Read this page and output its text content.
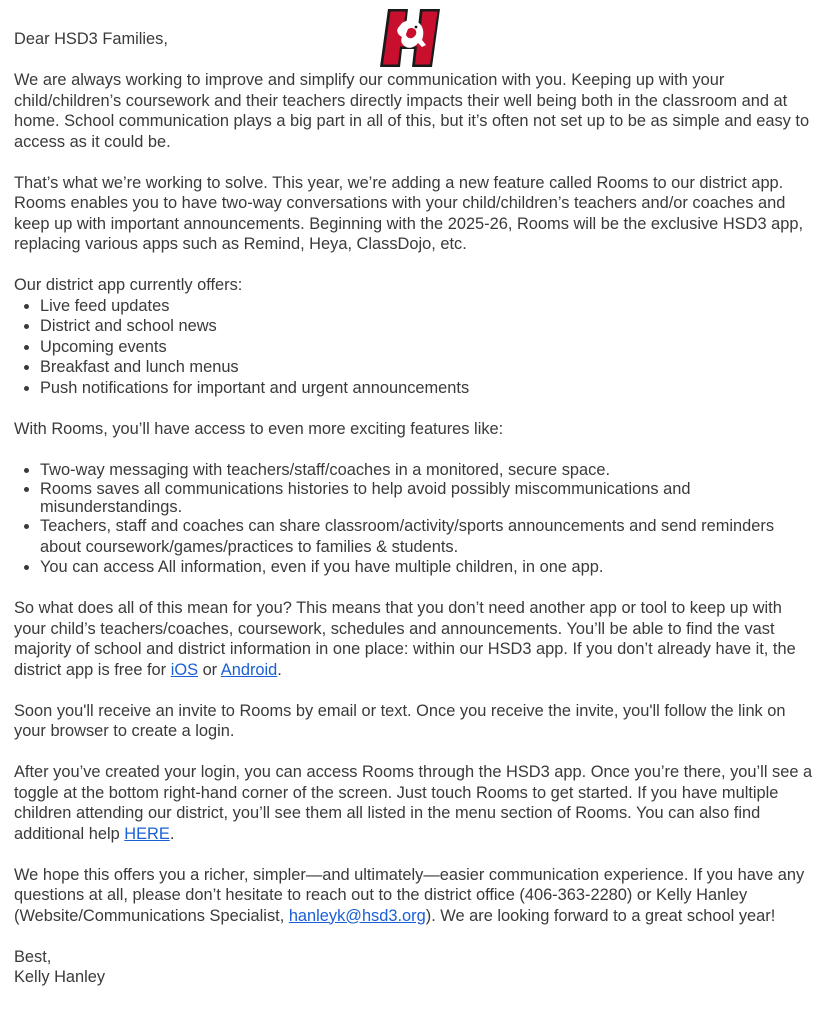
Dear HSD3 Families,

We are always working to improve and simplify our communication with you. Keeping up with your child/children’s coursework and their teachers directly impacts their well being both in the classroom and at home. School communication plays a big part in all of this, but it’s often not set up to be as simple and easy to access as it could be.

That’s what we’re working to solve. This year, we’re adding a new feature called Rooms to our district app. Rooms enables you to have two-way conversations with your child/children’s teachers and/or coaches and keep up with important announcements. Beginning with the 2025-26, Rooms will be the exclusive HSD3 app, replacing various apps such as Remind, Heya, ClassDojo, etc.

Our district app currently offers:

• Live feed updates
• District and school news
• Upcoming events
• Breakfast and lunch menus
• Push notifications for important and urgent announcements

With Rooms, you’ll have access to even more exciting features like:

• Two-way messaging with teachers/staff/coaches in a monitored, secure space.
• Rooms saves all communications histories to help avoid possibly miscommunications and misunderstandings.
• Teachers, staff and coaches can share classroom/activity/sports announcements and send reminders about coursework/games/practices to families & students.
• You can access All information, even if you have multiple children, in one app.

So what does all of this mean for you? This means that you don’t need another app or tool to keep up with your child’s teachers/coaches, coursework, schedules and announcements. You’ll be able to find the vast majority of school and district information in one place: within our HSD3 app. If you don’t already have it, the district app is free for iOS or Android.

Soon you'll receive an invite to Rooms by email or text. Once you receive the invite, you'll follow the link on your browser to create a login.

After you’ve created your login, you can access Rooms through the HSD3 app. Once you’re there, you’ll see a toggle at the bottom right-hand corner of the screen. Just touch Rooms to get started. If you have multiple children attending our district, you’ll see them all listed in the menu section of Rooms. You can also find additional help HERE.

We hope this offers you a richer, simpler—and ultimately—easier communication experience. If you have any questions at all, please don’t hesitate to reach out to the district office (406-363-2280) or Kelly Hanley (Website/Communications Specialist, hanleyk@hsd3.org). We are looking forward to a great school year!

Best,

Kelly Hanley
